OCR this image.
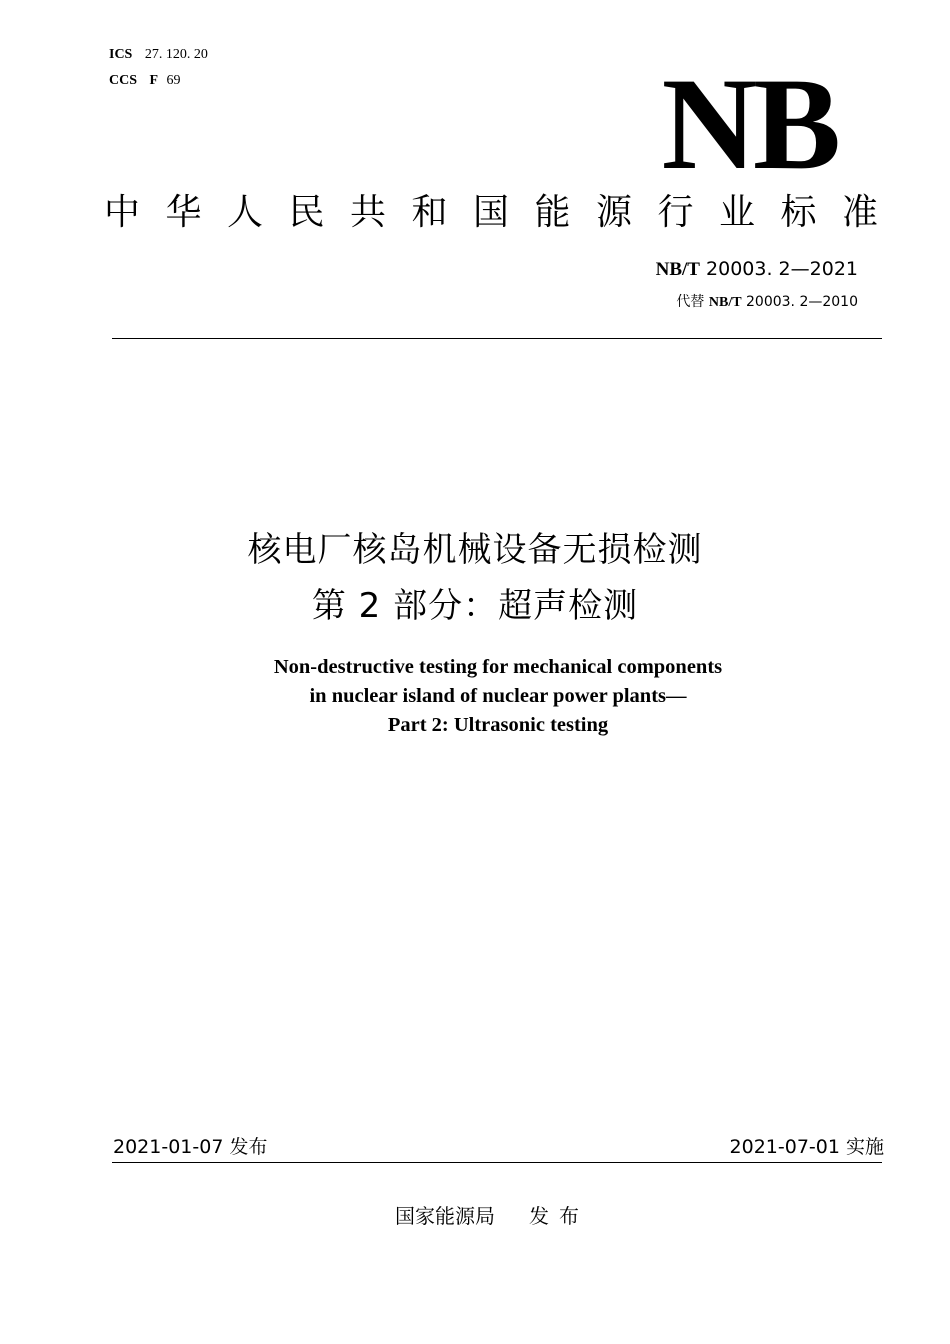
ICS 27. 120. 20
CCS F 69	NB
中华人民共和国能源行业标准
NB/T 20003. 2—2021
代替 NB/T 20003. 2—2010
核电厂核岛机械设备无损检测
第 2 部分：超声检测
Non-destructive testing for mechanical components
in nuclear island of nuclear power plants—
Part 2: Ultrasonic testing
2021-01-07 发布	2021-07-01 实施
国家能源局 发布
